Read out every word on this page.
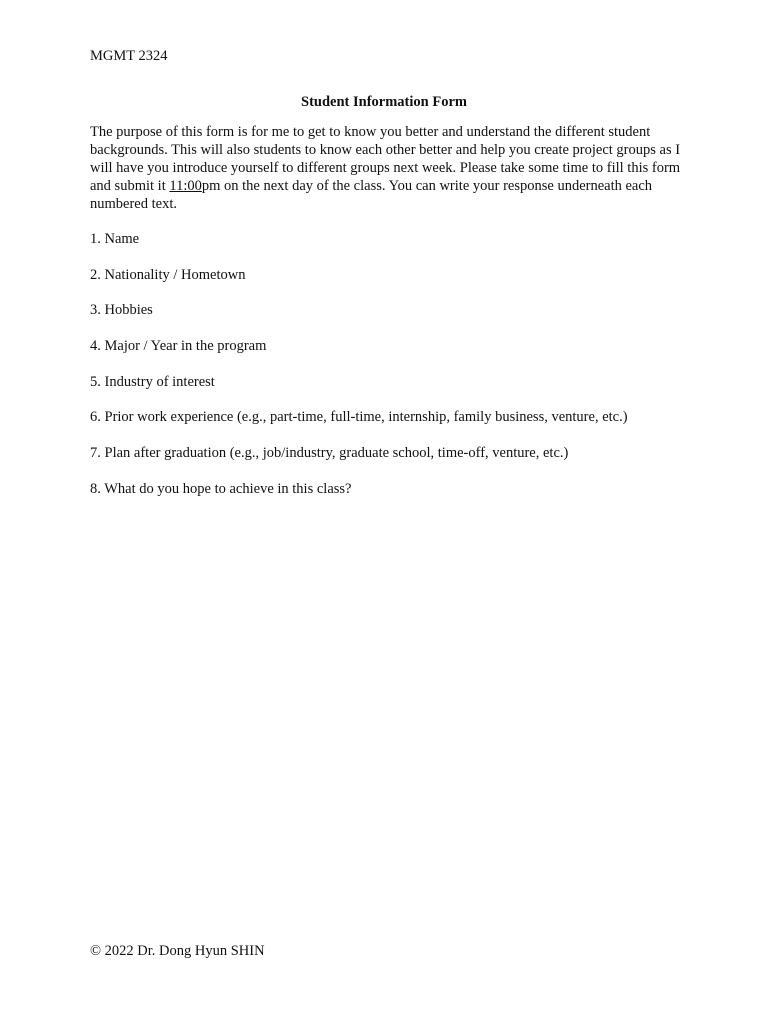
MGMT 2324
Student Information Form
The purpose of this form is for me to get to know you better and understand the different student backgrounds. This will also students to know each other better and help you create project groups as I will have you introduce yourself to different groups next week. Please take some time to fill this form and submit it 11:00pm on the next day of the class. You can write your response underneath each numbered text.
1. Name
2. Nationality / Hometown
3. Hobbies
4. Major / Year in the program
5. Industry of interest
6. Prior work experience (e.g., part-time, full-time, internship, family business, venture, etc.)
7. Plan after graduation (e.g., job/industry, graduate school, time-off, venture, etc.)
8. What do you hope to achieve in this class?
© 2022 Dr. Dong Hyun SHIN
